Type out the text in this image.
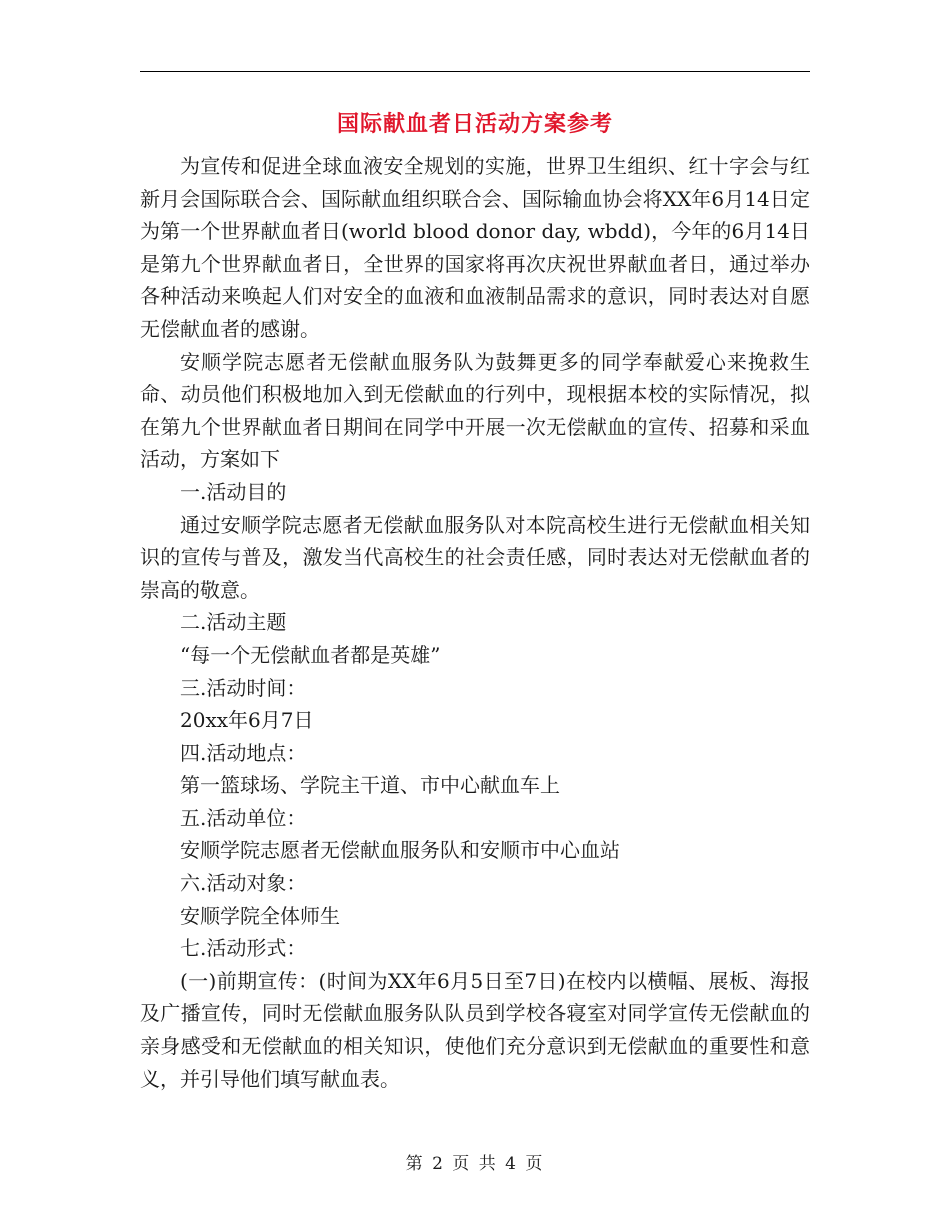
国际献血者日活动方案参考

为宣传和促进全球血液安全规划的实施，世界卫生组织、红十字会与红新月会国际联合会、国际献血组织联合会、国际输血协会将XX年6月14日定为第一个世界献血者日(world blood donor day, wbdd)，今年的6月14日是第九个世界献血者日，全世界的国家将再次庆祝世界献血者日，通过举办各种活动来唤起人们对安全的血液和血液制品需求的意识，同时表达对自愿无偿献血者的感谢。

安顺学院志愿者无偿献血服务队为鼓舞更多的同学奉献爱心来挽救生命、动员他们积极地加入到无偿献血的行列中，现根据本校的实际情况，拟在第九个世界献血者日期间在同学中开展一次无偿献血的宣传、招募和采血活动，方案如下

一.活动目的

通过安顺学院志愿者无偿献血服务队对本院高校生进行无偿献血相关知识的宣传与普及，激发当代高校生的社会责任感，同时表达对无偿献血者的崇高的敬意。

二.活动主题

“每一个无偿献血者都是英雄”

三.活动时间：

20xx年6月7日

四.活动地点：

第一篮球场、学院主干道、市中心献血车上

五.活动单位：

安顺学院志愿者无偿献血服务队和安顺市中心血站

六.活动对象：

安顺学院全体师生

七.活动形式：

(一)前期宣传：(时间为XX年6月5日至7日)在校内以横幅、展板、海报及广播宣传，同时无偿献血服务队队员到学校各寝室对同学宣传无偿献血的亲身感受和无偿献血的相关知识，使他们充分意识到无偿献血的重要性和意义，并引导他们填写献血表。

第 2 页 共 4 页
